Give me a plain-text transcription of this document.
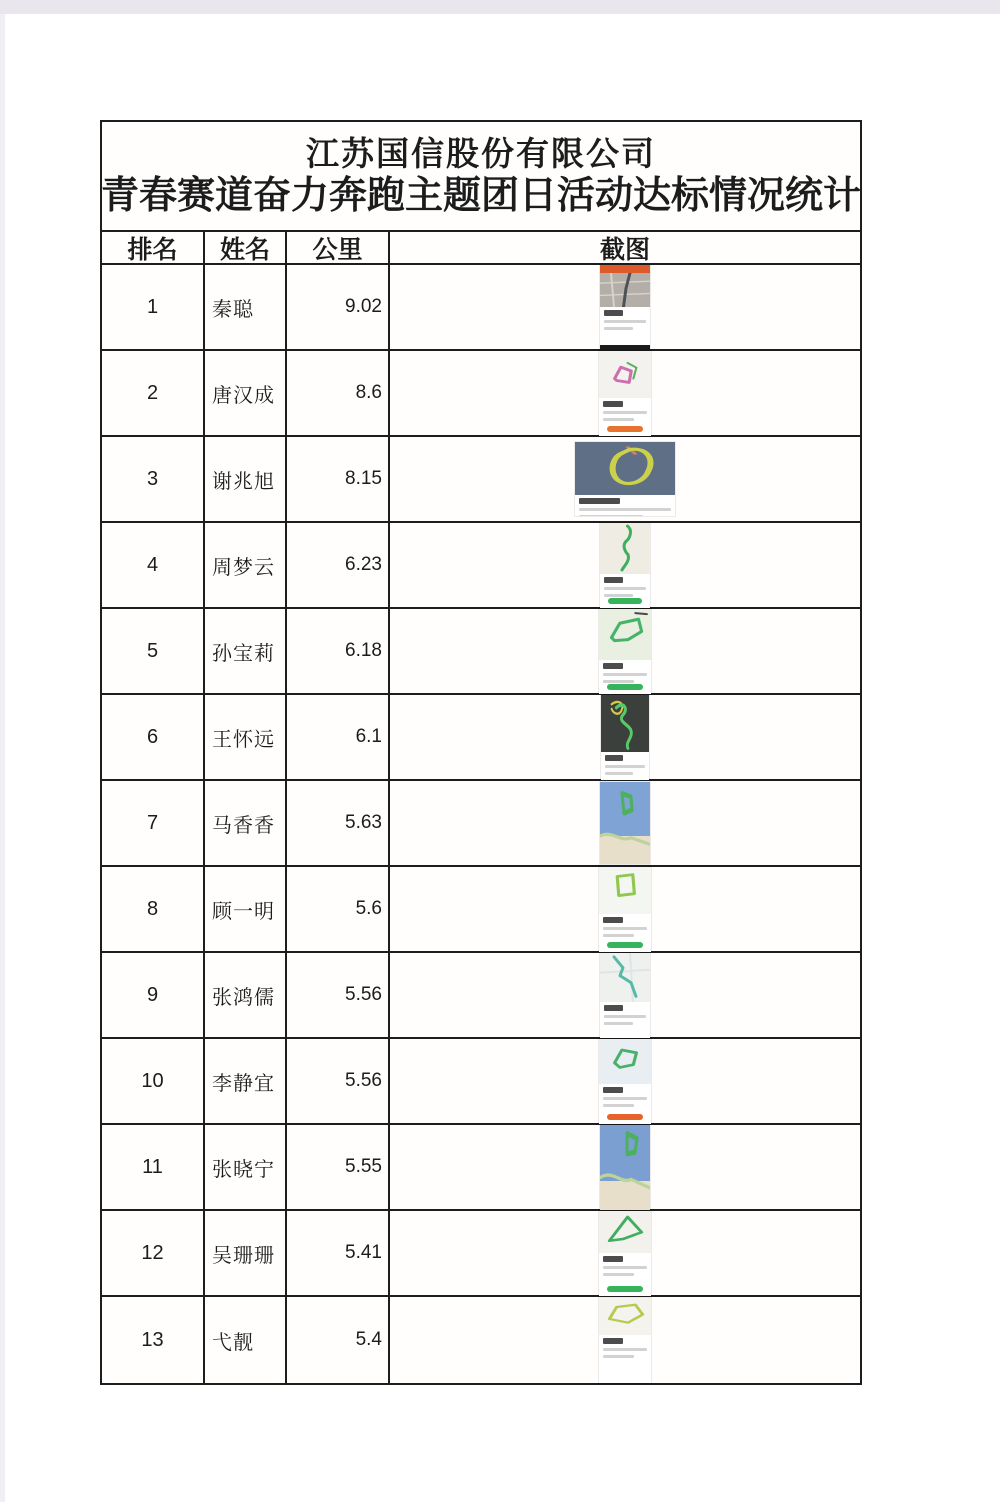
江苏国信股份有限公司
青春赛道奋力奔跑主题团日活动达标情况统计
排名	姓名	公里	截图
1	秦聪	9.02
2	唐汉成	8.6
3	谢兆旭	8.15
4	周梦云	6.23
5	孙宝莉	6.18
6	王怀远	6.1
7	马香香	5.63
8	顾一明	5.6
9	张鸿儒	5.56
10	李静宜	5.56
11	张晓宁	5.55
12	吴珊珊	5.41
13	弋靓	5.4
